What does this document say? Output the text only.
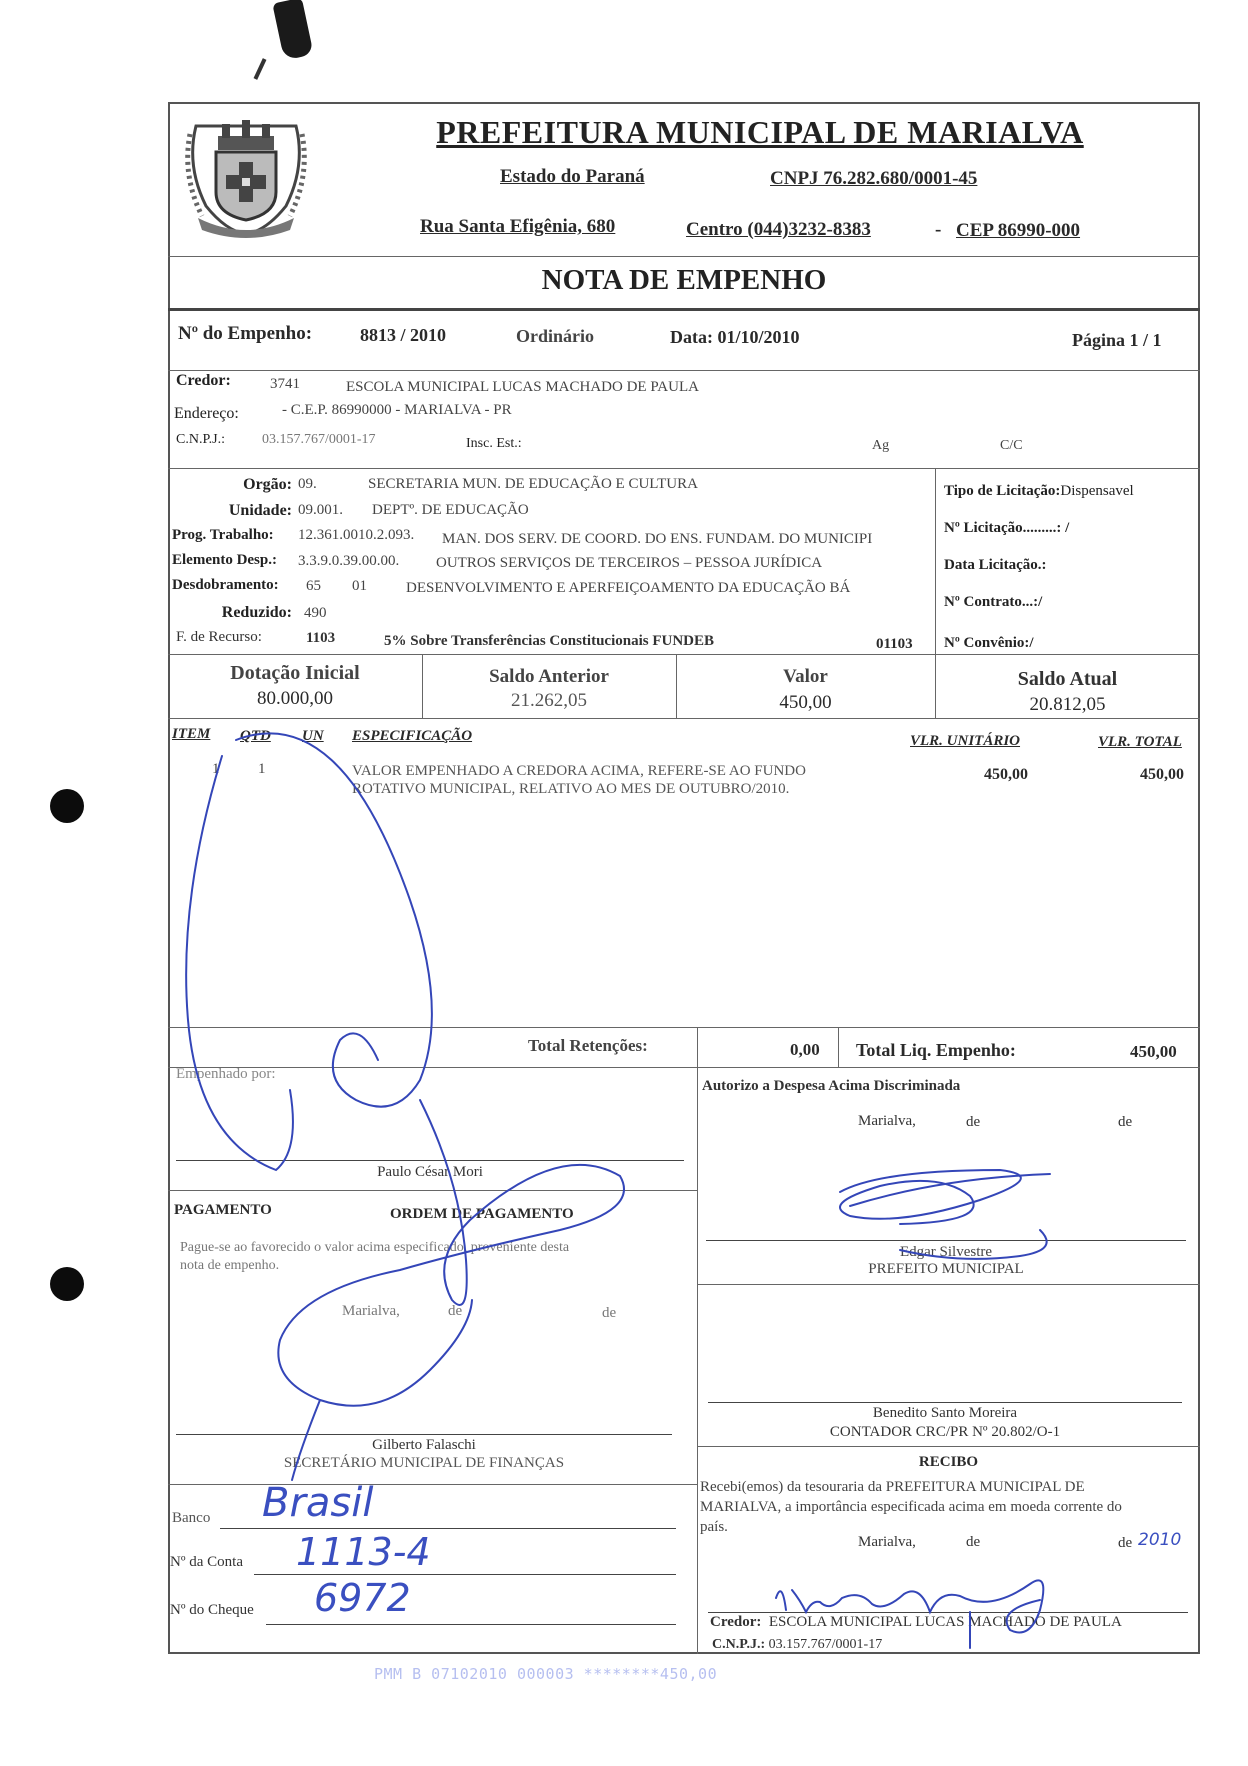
PREFEITURA MUNICIPAL DE MARIALVA
Estado do Paraná	CNPJ 76.282.680/0001-45
Rua Santa Efigênia, 680	Centro (044)3232-8383	- CEP 86990-000
NOTA DE EMPENHO
Nº do Empenho:	8813 / 2010	Ordinário	Data: 01/10/2010	Página 1 / 1
Credor:	3741	ESCOLA MUNICIPAL LUCAS MACHADO DE PAULA
Endereço:	- C.E.P. 86990000 - MARIALVA - PR
C.N.P.J.:	03.157.767/0001-17	Insc. Est.:	Ag	C/C
Orgão: 09.	SECRETARIA MUN. DE EDUCAÇÃO E CULTURA
Unidade: 09.001. DEPTº. DE EDUCAÇÃO
Prog. Trabalho: 12.361.0010.2.093. MAN. DOS SERV. DE COORD. DO ENS. FUNDAM. DO MUNICIPI
Elemento Desp.: 3.3.9.0.39.00.00. OUTROS SERVIÇOS DE TERCEIROS – PESSOA JURÍDICA
Desdobramento: 65 01	DESENVOLVIMENTO E APERFEIÇOAMENTO DA EDUCAÇÃO BÁ
Reduzido: 490
F. de Recurso:	1103	5% Sobre Transferências Constitucionais FUNDEB	01103
Tipo de Licitação:Dispensavel
Nº Licitação.........: /
Data Licitação.:
Nº Contrato...:/
Nº Convênio:/
Dotação Inicial
80.000,00
Saldo Anterior
21.262,05
Valor
450,00
Saldo Atual
20.812,05
ITEM QTD UN ESPECIFICAÇÃO	VLR. UNITÁRIO	VLR. TOTAL
1	1	VALOR EMPENHADO A CREDORA ACIMA, REFERE-SE AO FUNDO
ROTATIVO MUNICIPAL, RELATIVO AO MES DE OUTUBRO/2010.
450,00	450,00
Total Retenções:	0,00 Total Liq. Empenho:	450,00
Empenhado por:
Paulo César Mori
Autorizo a Despesa Acima Discriminada
Marialva,	de	de
Edgar Silvestre
PREFEITO MUNICIPAL
PAGAMENTO	ORDEM DE PAGAMENTO
Pague-se ao favorecido o valor acima especificado, proveniente desta
nota de empenho.
Marialva,	de	de
Gilberto Falaschi
SECRETÁRIO MUNICIPAL DE FINANÇAS
Benedito Santo Moreira
CONTADOR CRC/PR Nº 20.802/O-1
RECIBO
Recebi(emos) da tesouraria da PREFEITURA MUNICIPAL DE
MARIALVA, a importância especificada acima em moeda corrente do
país.
Marialva,	de	de 2010
Credor: ESCOLA MUNICIPAL LUCAS MACHADO DE PAULA
C.N.P.J.: 03.157.767/0001-17
Banco Brasil
Nº da Conta 1113-4
Nº do Cheque 6972
PMM B 07102010 000003 ********450,00
